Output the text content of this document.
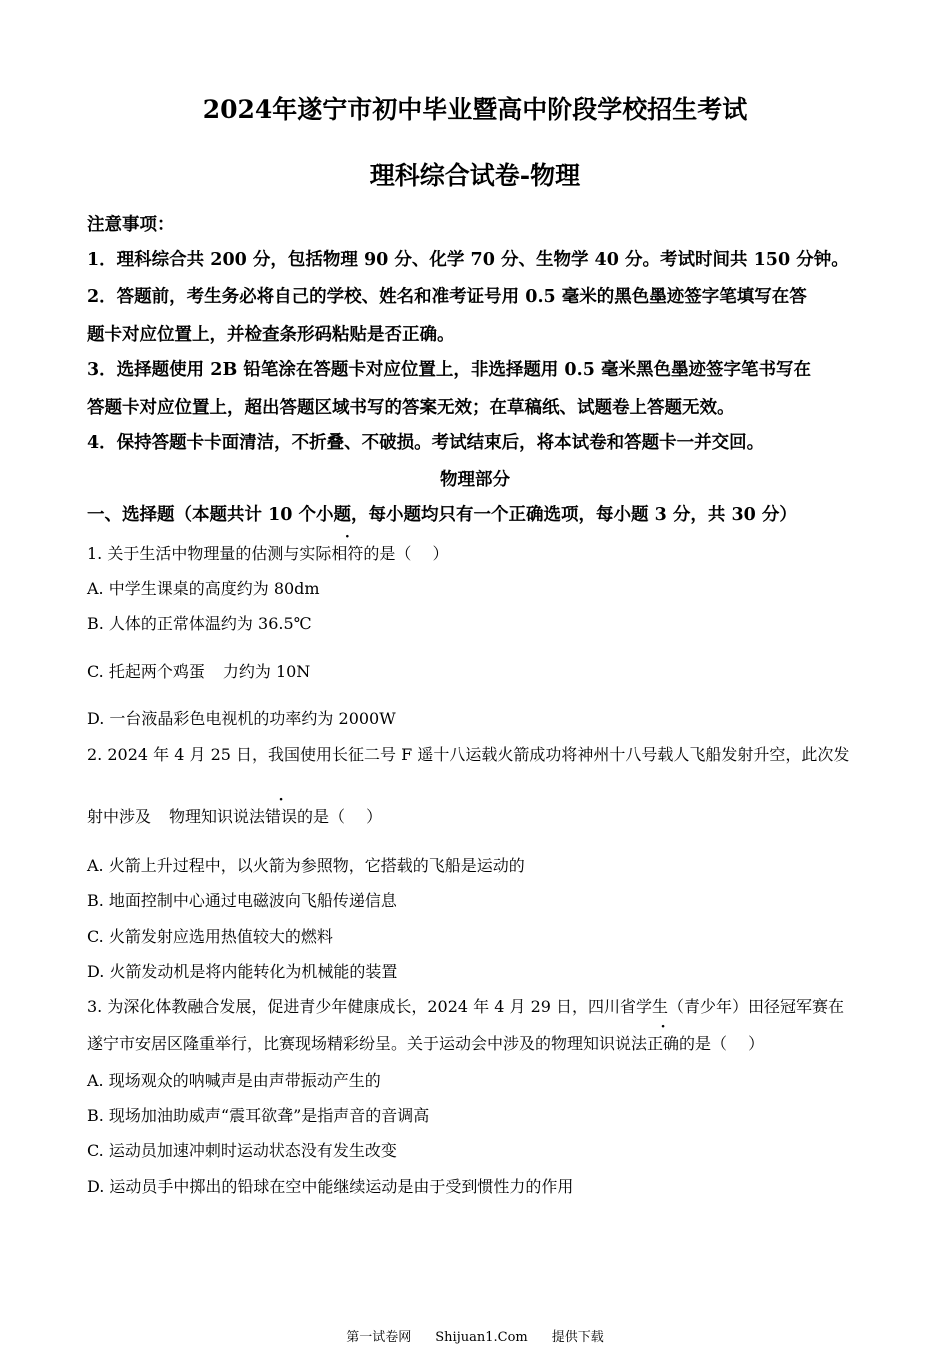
2024年遂宁市初中毕业暨高中阶段学校招生考试
理科综合试卷-物理
注意事项：
1．理科综合共 200 分，包括物理 90 分、化学 70 分、生物学 40 分。考试时间共 150 分钟。
2．答题前，考生务必将自己的学校、姓名和准考证号用 0.5 毫米的黑色墨迹签字笔填写在答
题卡对应位置上，并检查条形码粘贴是否正确。
3．选择题使用 2B 铅笔涂在答题卡对应位置上，非选择题用 0.5 毫米黑色墨迹签字笔书写在
答题卡对应位置上，超出答题区域书写的答案无效；在草稿纸、试题卷上答题无效。
4．保持答题卡卡面清洁，不折叠、不破损。考试结束后，将本试卷和答题卡一并交回。
物理部分
一、选择题（本题共计 10 个小题，每小题均只有一个正确选项，每小题 3 分，共 30 分）
1. 关于生活中物理量的估测与实际相符的是（　 ）
A. 中学生课桌的高度约为 80dm
B. 人体的正常体温约为 36.5℃
C. 托起两个鸡蛋 力约为 10N
D. 一台液晶彩色电视机的功率约为 2000W
2. 2024 年 4 月 25 日，我国使用长征二号 F 遥十八运载火箭成功将神州十八号载人飞船发射升空，此次发
射中涉及 物理知识说法错误的是（　 ）
A. 火箭上升过程中，以火箭为参照物，它搭载的飞船是运动的
B. 地面控制中心通过电磁波向飞船传递信息
C. 火箭发射应选用热值较大的燃料
D. 火箭发动机是将内能转化为机械能的装置
3. 为深化体教融合发展，促进青少年健康成长，2024 年 4 月 29 日，四川省学生（青少年）田径冠军赛在
遂宁市安居区隆重举行，比赛现场精彩纷呈。关于运动会中涉及的物理知识说法正确的是（　 ）
A. 现场观众的呐喊声是由声带振动产生的
B. 现场加油助威声“震耳欲聋”是指声音的音调高
C. 运动员加速冲刺时运动状态没有发生改变
D. 运动员手中掷出的铅球在空中能继续运动是由于受到惯性力的作用
第一试卷网 Shijuan1.Com 提供下载
